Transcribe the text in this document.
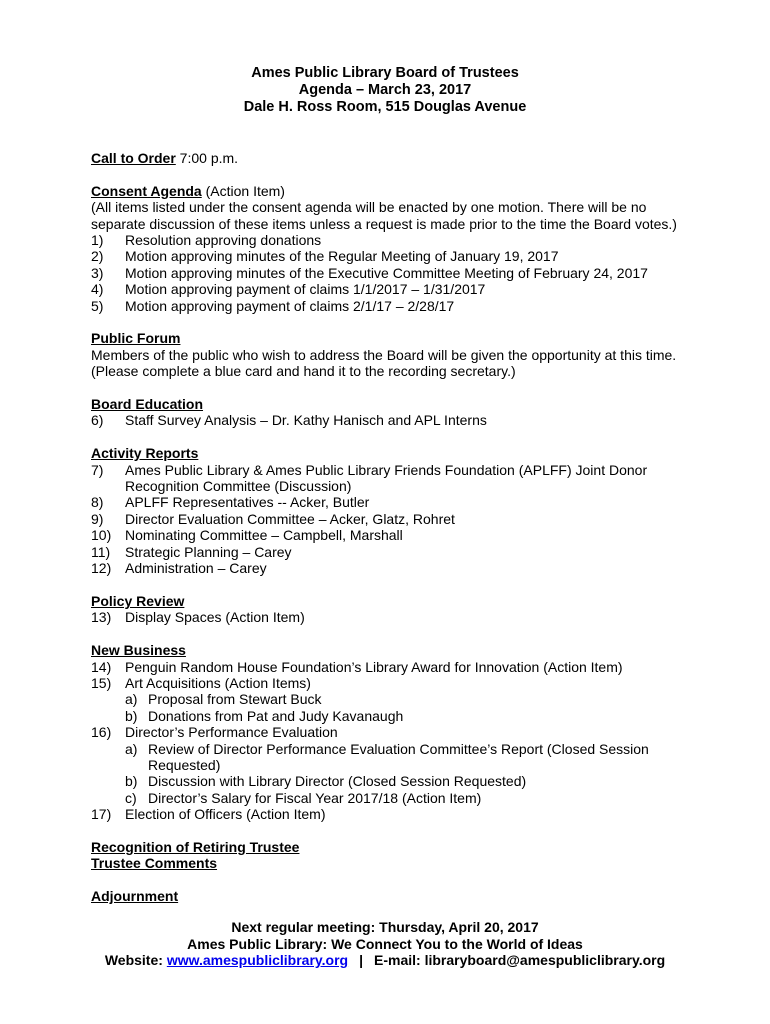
Ames Public Library Board of Trustees
Agenda – March 23, 2017
Dale H. Ross Room, 515 Douglas Avenue
Call to Order 7:00 p.m.
Consent Agenda (Action Item)
(All items listed under the consent agenda will be enacted by one motion. There will be no separate discussion of these items unless a request is made prior to the time the Board votes.)
1) Resolution approving donations
2) Motion approving minutes of the Regular Meeting of January 19, 2017
3) Motion approving minutes of the Executive Committee Meeting of February 24, 2017
4) Motion approving payment of claims 1/1/2017 – 1/31/2017
5) Motion approving payment of claims 2/1/17 – 2/28/17
Public Forum
Members of the public who wish to address the Board will be given the opportunity at this time.
(Please complete a blue card and hand it to the recording secretary.)
Board Education
6) Staff Survey Analysis – Dr. Kathy Hanisch and APL Interns
Activity Reports
7) Ames Public Library & Ames Public Library Friends Foundation (APLFF) Joint Donor Recognition Committee (Discussion)
8) APLFF Representatives -- Acker, Butler
9) Director Evaluation Committee – Acker, Glatz, Rohret
10) Nominating Committee – Campbell, Marshall
11) Strategic Planning – Carey
12) Administration – Carey
Policy Review
13) Display Spaces (Action Item)
New Business
14) Penguin Random House Foundation’s Library Award for Innovation (Action Item)
15) Art Acquisitions (Action Items)
a) Proposal from Stewart Buck
b) Donations from Pat and Judy Kavanaugh
16) Director’s Performance Evaluation
a) Review of Director Performance Evaluation Committee’s Report (Closed Session Requested)
b) Discussion with Library Director (Closed Session Requested)
c) Director’s Salary for Fiscal Year 2017/18 (Action Item)
17) Election of Officers (Action Item)
Recognition of Retiring Trustee
Trustee Comments
Adjournment
Next regular meeting: Thursday, April 20, 2017
Ames Public Library: We Connect You to the World of Ideas
Website: www.amespubliclibrary.org | E-mail: libraryboard@amespubliclibrary.org
